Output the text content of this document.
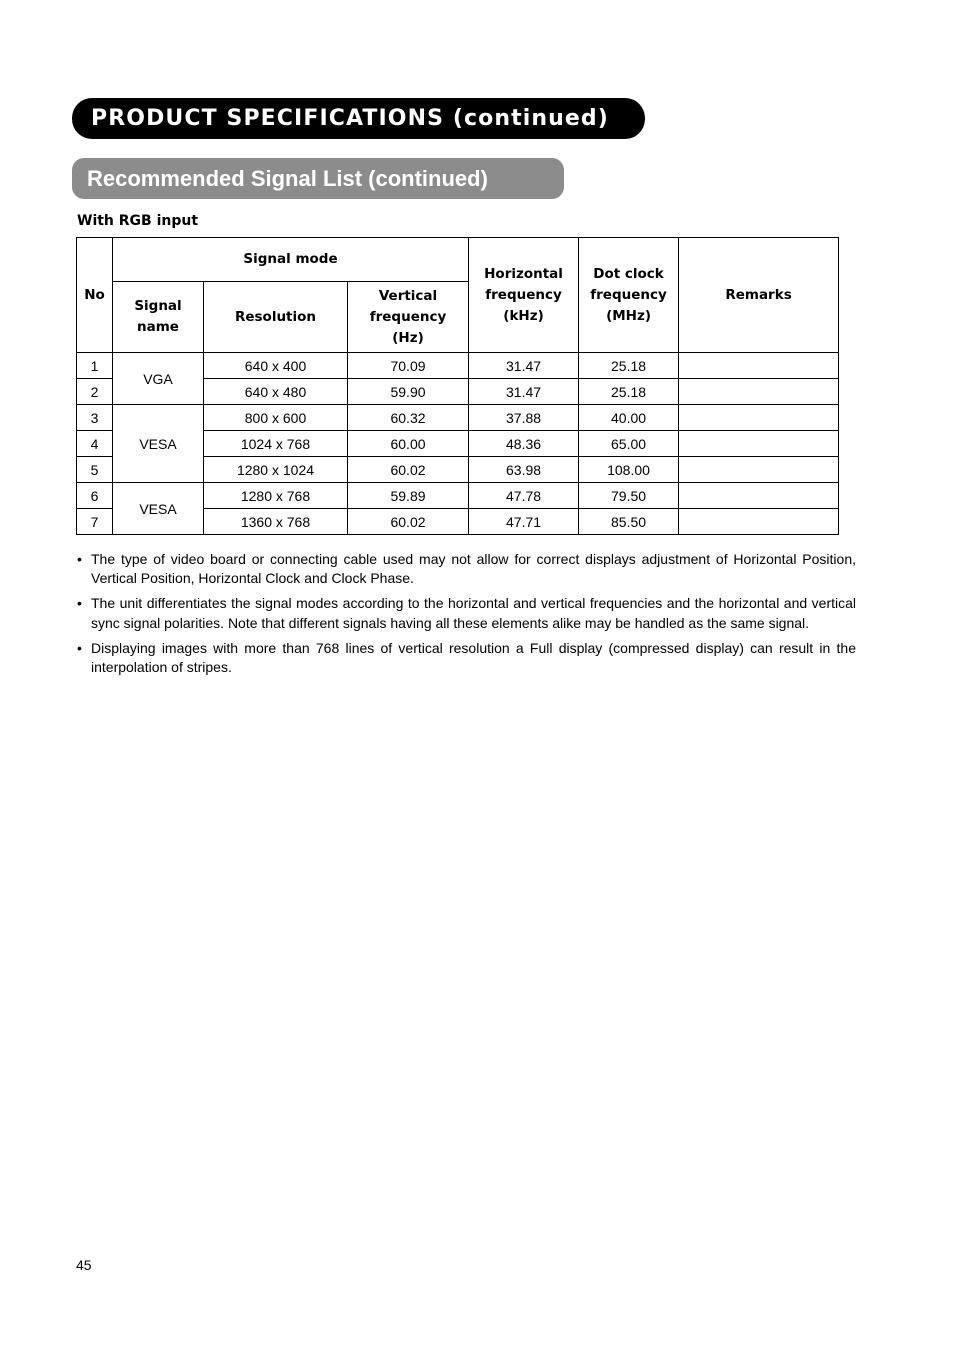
PRODUCT SPECIFICATIONS (continued)
Recommended Signal List (continued)
With RGB input
No	Signal mode			Horizontal frequency (kHz)	Dot clock frequency (MHz)	Remarks

	Signal name	Resolution	Vertical frequency (Hz)			

1	VGA	640 x 400	70.09	31.47	25.18	
2		640 x 480	59.90	31.47	25.18	
3	VESA	800 x 600	60.32	37.88	40.00	
4		1024 x 768	60.00	48.36	65.00	
5		1280 x 1024	60.02	63.98	108.00	
6	VESA	1280 x 768	59.89	47.78	79.50	
7		1360 x 768	60.02	47.71	85.50	
• The type of video board or connecting cable used may not allow for correct displays adjustment of Horizontal Position, Vertical Position, Horizontal Clock and Clock Phase.
• The unit differentiates the signal modes according to the horizontal and vertical frequencies and the horizontal and vertical sync signal polarities. Note that different signals having all these elements alike may be handled as the same signal.
• Displaying images with more than 768 lines of vertical resolution a Full display (compressed display) can result in the interpolation of stripes.
45
